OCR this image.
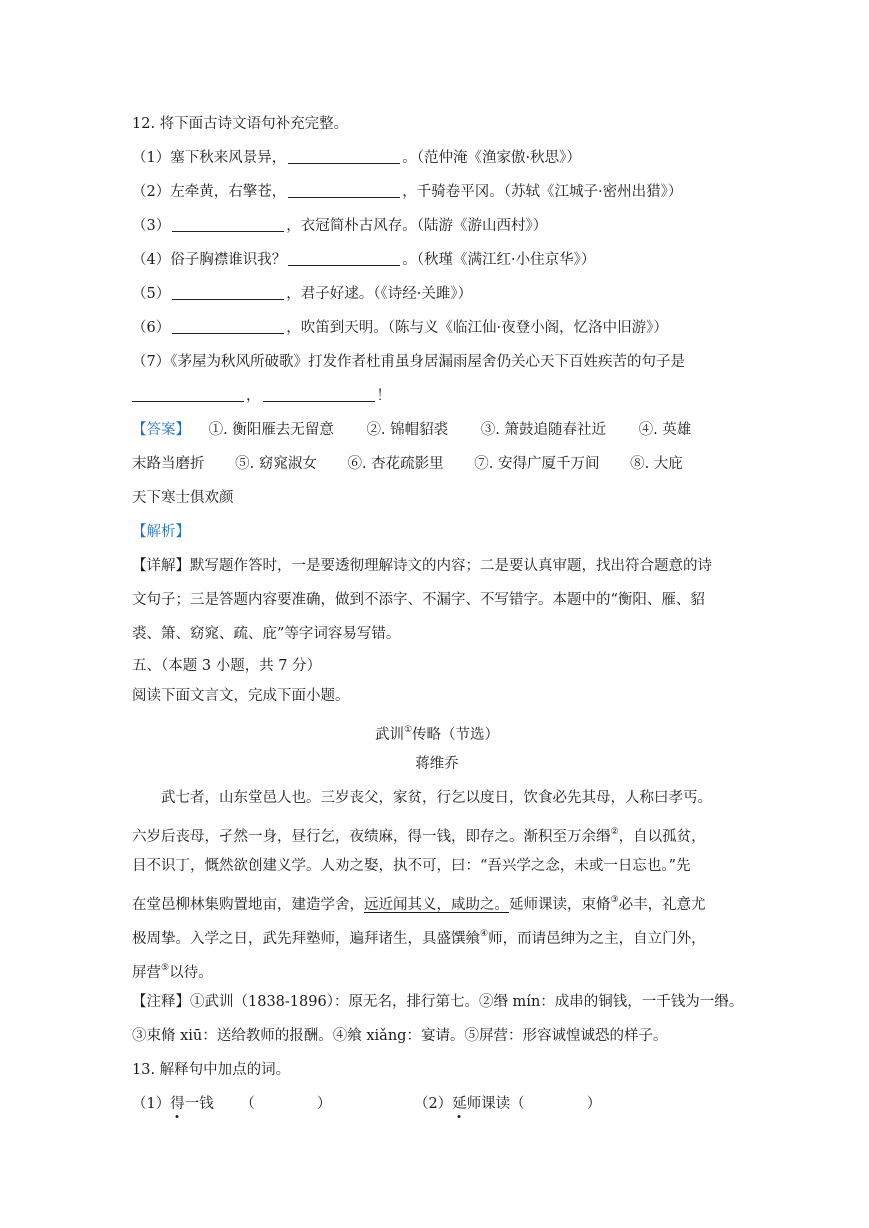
12. 将下面古诗文语句补充完整。
（1）塞下秋来风景异，	。（范仲淹《渔家傲·秋思》）
（2）左牵黄，右擎苍，	，千骑卷平冈。（苏轼《江城子·密州出猎》）
（3）	，衣冠简朴古风存。（陆游《游山西村》）
（4）俗子胸襟谁识我？	。（秋瑾《满江红·小住京华》）
（5）	，君子好逑。（《诗经·关雎》）
（6）	，吹笛到天明。（陈与义《临江仙·夜登小阁，忆洛中旧游》）
（7）《茅屋为秋风所破歌》打发作者杜甫虽身居漏雨屋舍仍关心天下百姓疾苦的句子是
，	！
【答案】 ①. 衡阳雁去无留意 ②. 锦帽貂裘 ③. 箫鼓追随春社近 ④. 英雄
末路当磨折 ⑤. 窈窕淑女 ⑥. 杏花疏影里 ⑦. 安得广厦千万间 ⑧. 大庇
天下寒士俱欢颜
【解析】
【详解】默写题作答时，一是要透彻理解诗文的内容；二是要认真审题，找出符合题意的诗
文句子；三是答题内容要准确，做到不添字、不漏字、不写错字。本题中的“衡阳、雁、貂
裘、箫、窈窕、疏、庇”等字词容易写错。
五、（本题 3 小题，共 7 分）
阅读下面文言文，完成下面小题。
武训①传略（节选）
蒋维乔
武七者，山东堂邑人也。三岁丧父，家贫，行乞以度日，饮食必先其母，人称曰孝丐。
六岁后丧母，孑然一身，昼行乞，夜绩麻，得一钱，即存之。渐积至万余缗②，自以孤贫，
目不识丁，慨然欲创建义学。人劝之娶，执不可，曰：“吾兴学之念，未或一日忘也。”先
在堂邑柳林集购置地亩，建造学舍，远近闻其义，咸助之。延师课读，束脩③必丰，礼意尤
极周挚。入学之日，武先拜塾师，遍拜诸生，具盛馔飨④师，而请邑绅为之主，自立门外，
屏营⑤以待。
【注释】①武训（1838-1896）：原无名，排行第七。②缗 mín：成串的铜钱，一千钱为一缗。
③束脩 xiū：送给教师的报酬。④飨 xiǎng：宴请。⑤屏营：形容诚惶诚恐的样子。
13. 解释句中加点的词。
（1）得一钱 （	）	（2）延师课读（	）
